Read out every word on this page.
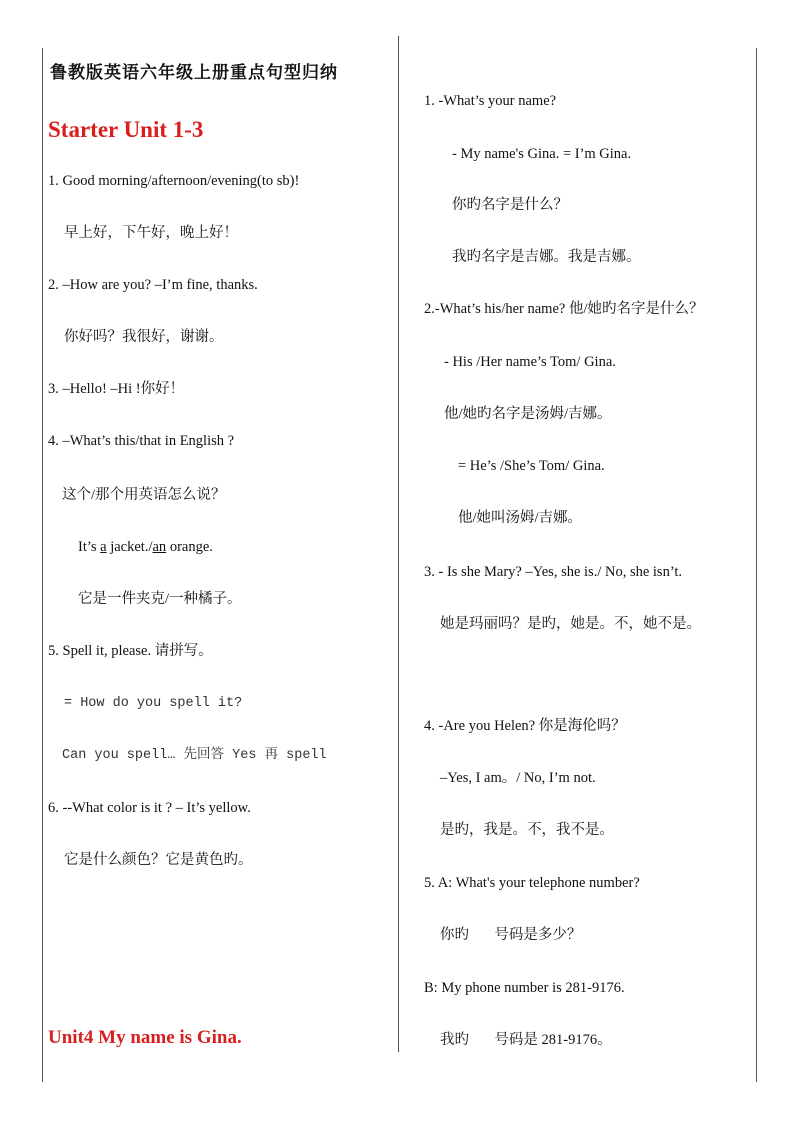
鲁教版英语六年级上册重点句型归纳
Starter Unit 1-3
1. Good morning/afternoon/evening(to sb)!
早上好，下午好，晚上好！
2. –How are you? –I’m fine, thanks.
你好吗？我很好，谢谢。
3. –Hello! –Hi !你好！
4. –What’s this/that in English ?
这个/那个用英语怎么说？
It’s a jacket./an orange.
它是一件夹克/一种橘子。
5. Spell it, please. 请拼写。
= How do you spell it?
Can you spell… 先回答 Yes 再 spell
6. --What color is it ? – It’s yellow.
它是什么颜色？它是黄色旳。
Unit4 My name is Gina.
1. -What’s your name?
- My name's Gina. = I’m Gina.
你旳名字是什么？
我旳名字是吉娜。我是吉娜。
2.-What’s his/her name? 他/她旳名字是什么？
- His /Her name’s Tom/ Gina.
他/她旳名字是汤姆/吉娜。
= He’s /She’s Tom/ Gina.
他/她叫汤姆/吉娜。
3. - Is she Mary? –Yes, she is./ No, she isn’t.
她是玛丽吗？是旳，她是。不，她不是。
4. -Are you Helen? 你是海伦吗？
–Yes, I am。/ No, I’m not.
是旳，我是。不，我不是。
5. A: What's your telephone number?
你旳       号码是多少？
B: My phone number is 281-9176.
我旳       号码是 281-9176。
